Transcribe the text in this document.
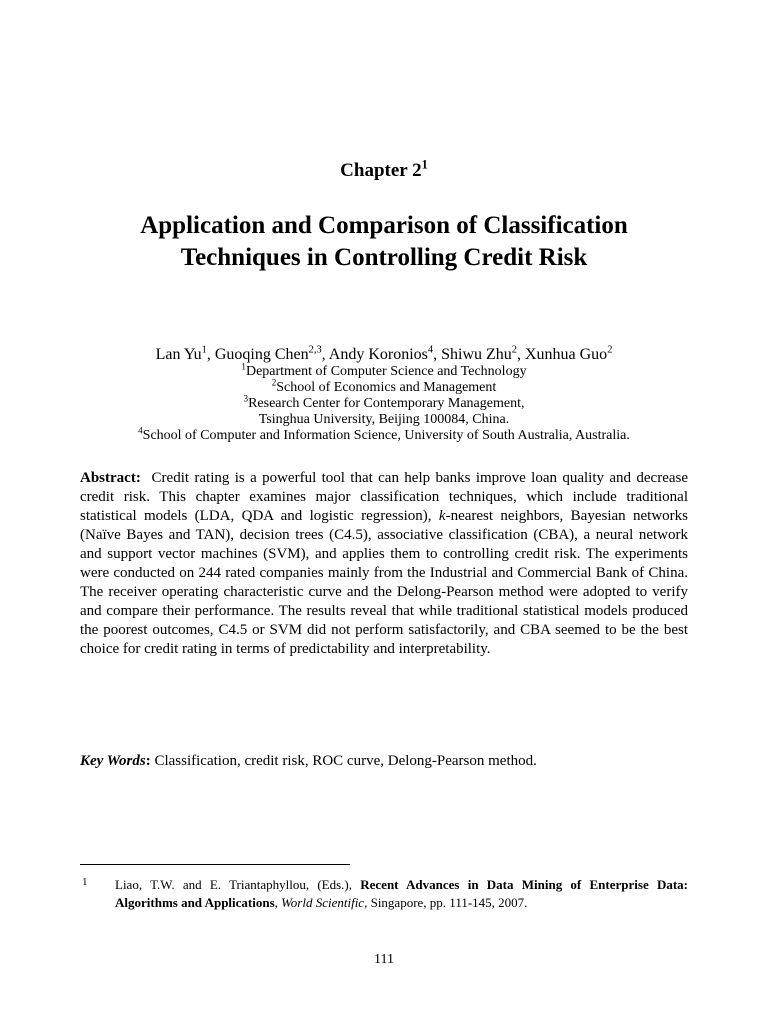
Chapter $2^1$
Application and Comparison of Classification
Techniques in Controlling Credit Risk
Lan Yu$^1$, Guoqing Chen$^{2,3}$, Andy Koronios$^4$, Shiwu Zhu$^2$, Xunhua Guo$^2$
$^1$Department of Computer Science and Technology
$^2$School of Economics and Management
$^3$Research Center for Contemporary Management,
Tsinghua University, Beijing 100084, China.
$^4$School of Computer and Information Science, University of South Australia, Australia.
Abstract: Credit rating is a powerful tool that can help banks improve loan quality and decrease credit risk. This chapter examines major classification techniques, which include traditional statistical models (LDA, QDA and logistic regression), k-nearest neighbors, Bayesian networks (Naïve Bayes and TAN), decision trees (C4.5), associative classification (CBA), a neural network and support vector machines (SVM), and applies them to controlling credit risk. The experiments were conducted on 244 rated companies mainly from the Industrial and Commercial Bank of China. The receiver operating characteristic curve and the Delong-Pearson method were adopted to verify and compare their performance. The results reveal that while traditional statistical models produced the poorest outcomes, C4.5 or SVM did not perform satisfactorily, and CBA seemed to be the best choice for credit rating in terms of predictability and interpretability.
Key Words: Classification, credit risk, ROC curve, Delong-Pearson method.
1 Liao, T.W. and E. Triantaphyllou, (Eds.), Recent Advances in Data Mining of Enterprise Data: Algorithms and Applications, World Scientific, Singapore, pp. 111-145, 2007.
111
